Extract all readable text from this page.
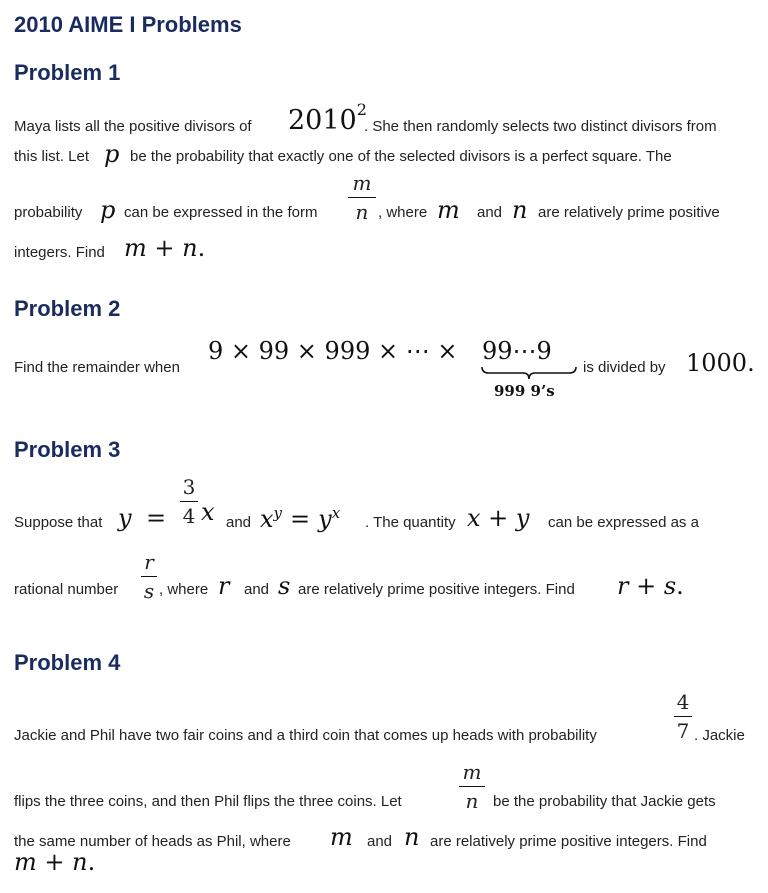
2010 AIME I Problems
Problem 1
Maya lists all the positive divisors of 2010$^2$
. She then randomly selects two distinct divisors from
this list. Let p be the probability that exactly one of the selected divisors is a perfect square. The
probability p can be expressed in the form
m
n , where m and n are relatively prime positive
integers. Find m + n.
Problem 2
Find the remainder when
9 × 99 × 999 × ⋯ × 99⋯9
999 9’s
is divided by 1000.
Problem 3
Suppose that y =
3
4 x and $x^y = y^x$
. The quantity x + y can be expressed as a
rational number
r
s , where r and s are relatively prime positive integers. Find r + s.
Problem 4
Jackie and Phil have two fair coins and a third coin that comes up heads with probability
4
7 . Jackie
flips the three coins, and then Phil flips the three coins. Let
m
n be the probability that Jackie gets
the same number of heads as Phil, where m and n are relatively prime positive integers. Find
m + n.
